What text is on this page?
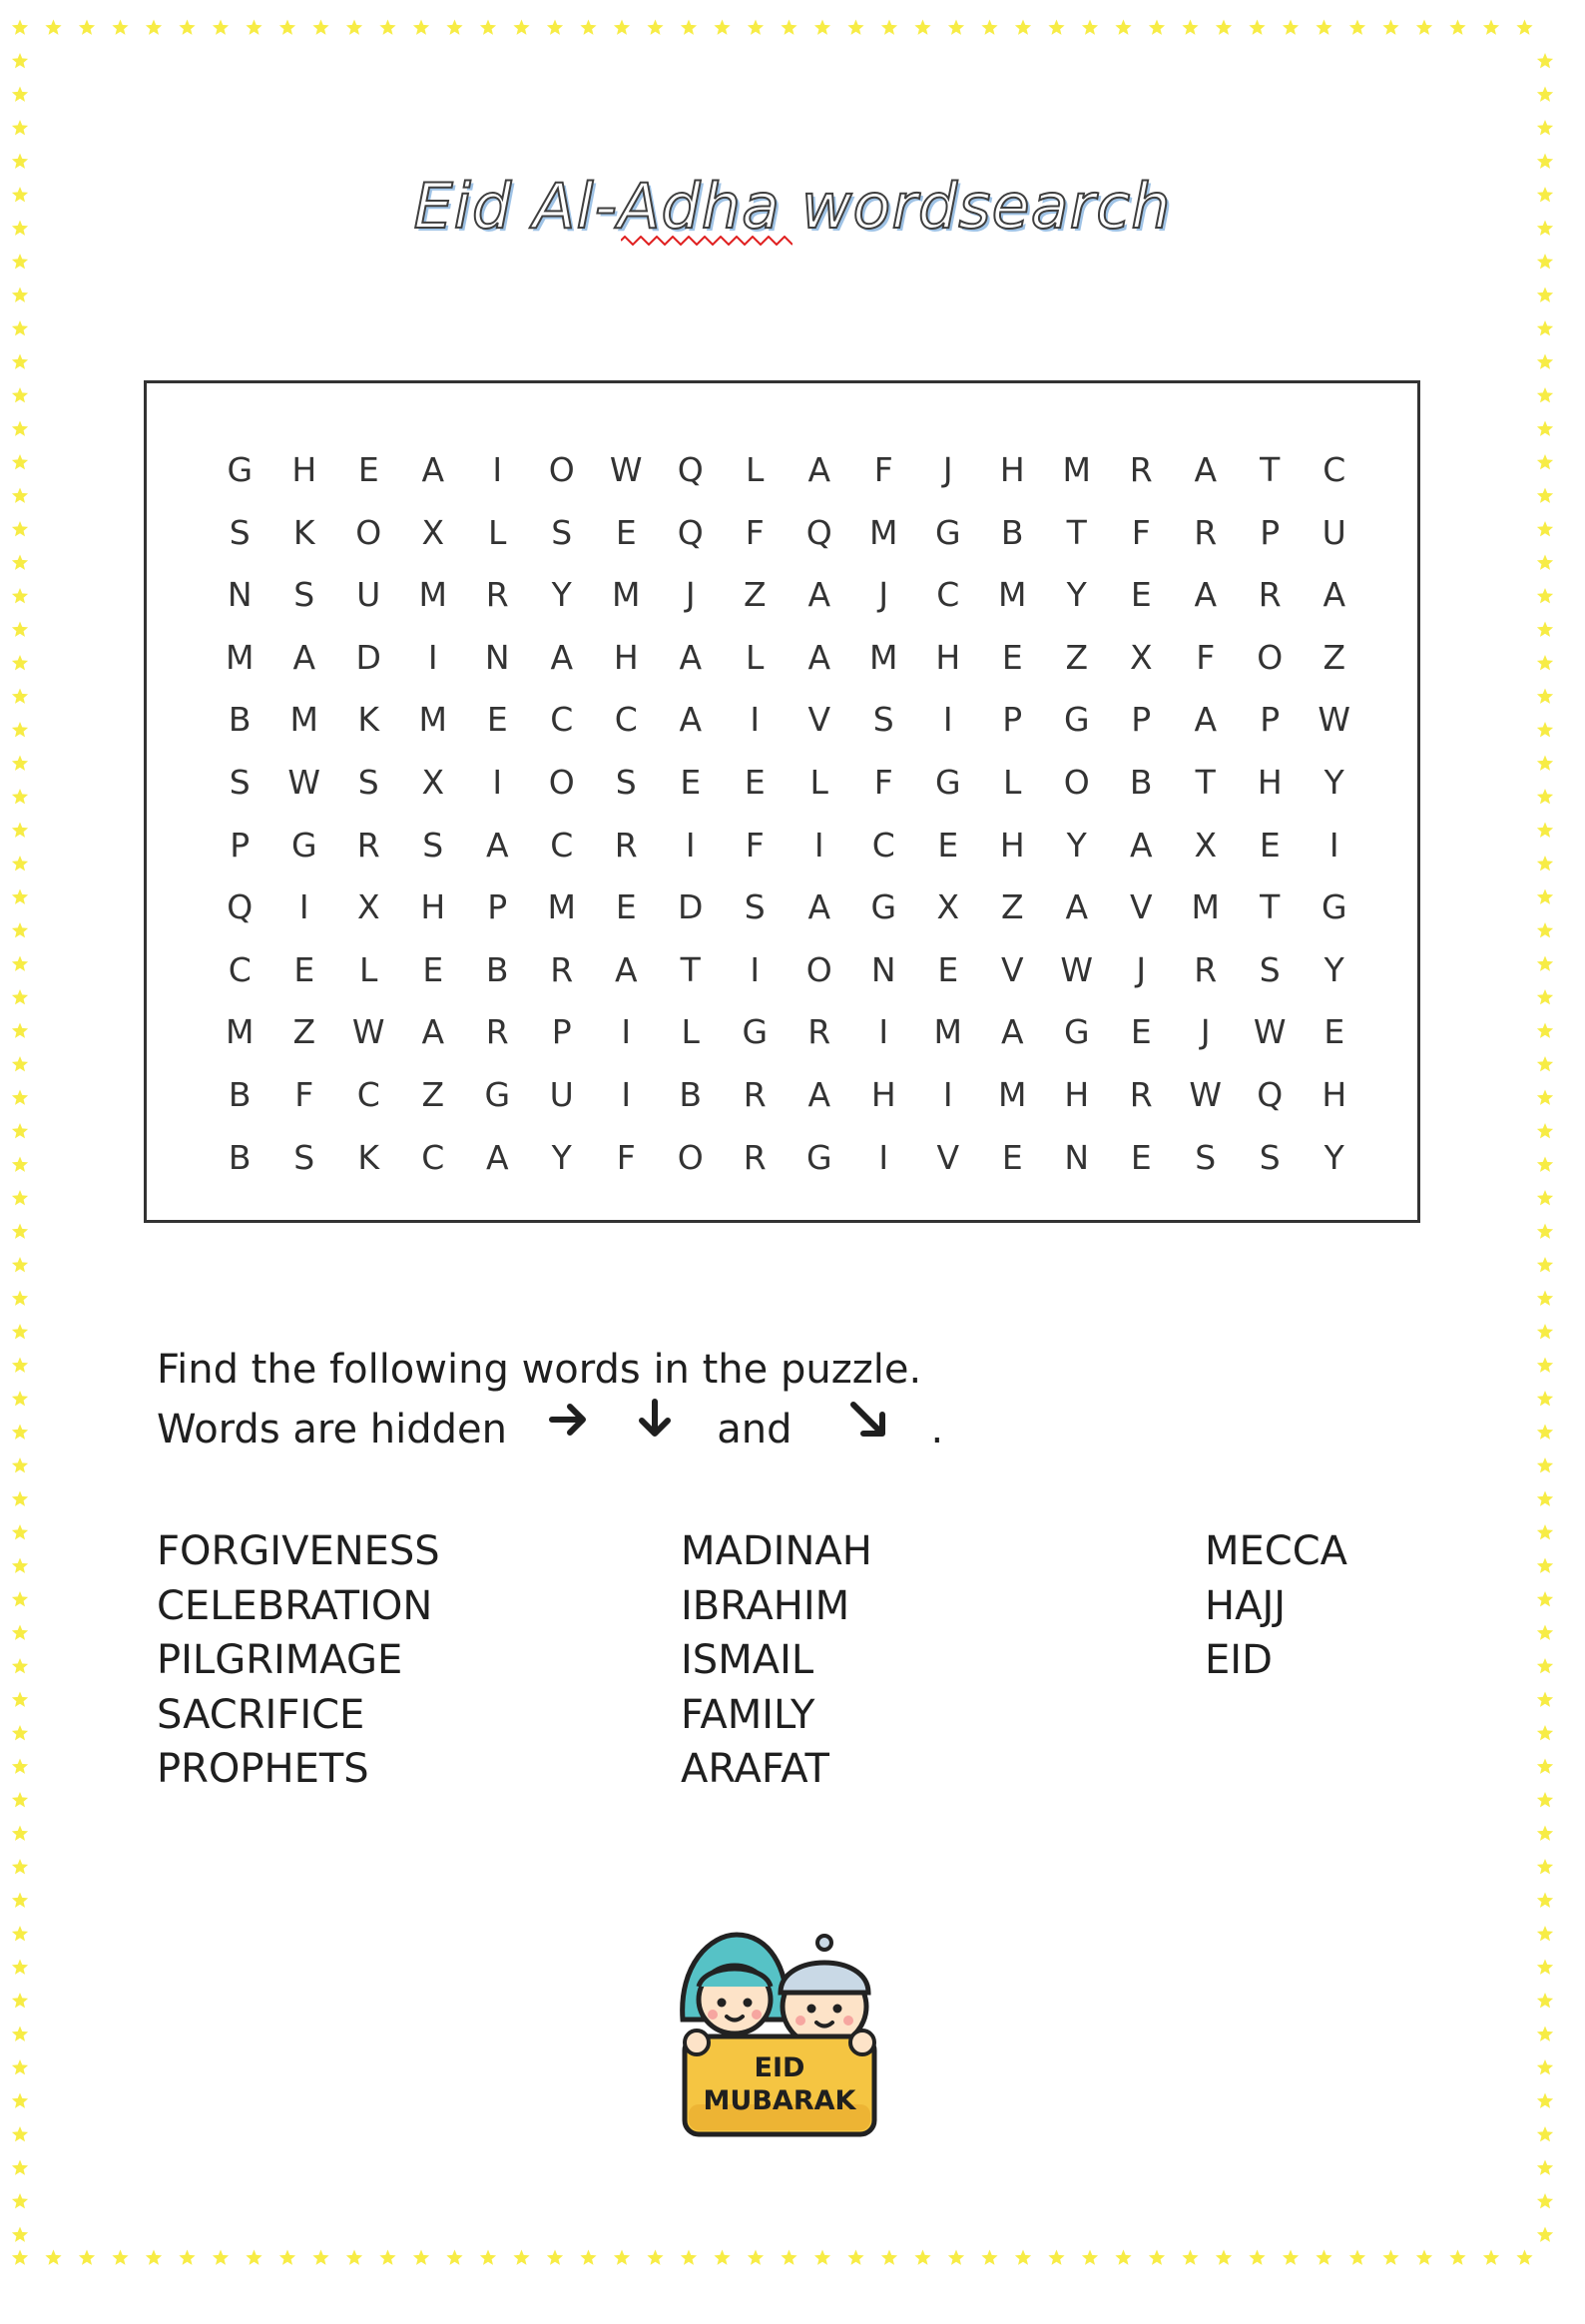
Eid Al-Adha wordsearch
G	H	E	A	I	O	W	Q	L	A	F	J	H	M	R	A	T	C
S	K	O	X	L	S	E	Q	F	Q	M	G	B	T	F	R	P	U
N	S	U	M	R	Y	M	J	Z	A	J	C	M	Y	E	A	R	A
M	A	D	I	N	A	H	A	L	A	M	H	E	Z	X	F	O	Z
B	M	K	M	E	C	C	A	I	V	S	I	P	G	P	A	P	W
S	W	S	X	I	O	S	E	E	L	F	G	L	O	B	T	H	Y
P	G	R	S	A	C	R	I	F	I	C	E	H	Y	A	X	E	I
Q	I	X	H	P	M	E	D	S	A	G	X	Z	A	V	M	T	G
C	E	L	E	B	R	A	T	I	O	N	E	V	W	J	R	S	Y
M	Z	W	A	R	P	I	L	G	R	I	M	A	G	E	J	W	E
B	F	C	Z	G	U	I	B	R	A	H	I	M	H	R	W	Q	H
B	S	K	C	A	Y	F	O	R	G	I	V	E	N	E	S	S	Y
Find the following words in the puzzle.
Words are hidden	and	.
FORGIVENESS
CELEBRATION
PILGRIMAGE
SACRIFICE
PROPHETS
MADINAH
IBRAHIM
ISMAIL
FAMILY
ARAFAT
MECCA
HAJJ
EID
EID
MUBARAK
